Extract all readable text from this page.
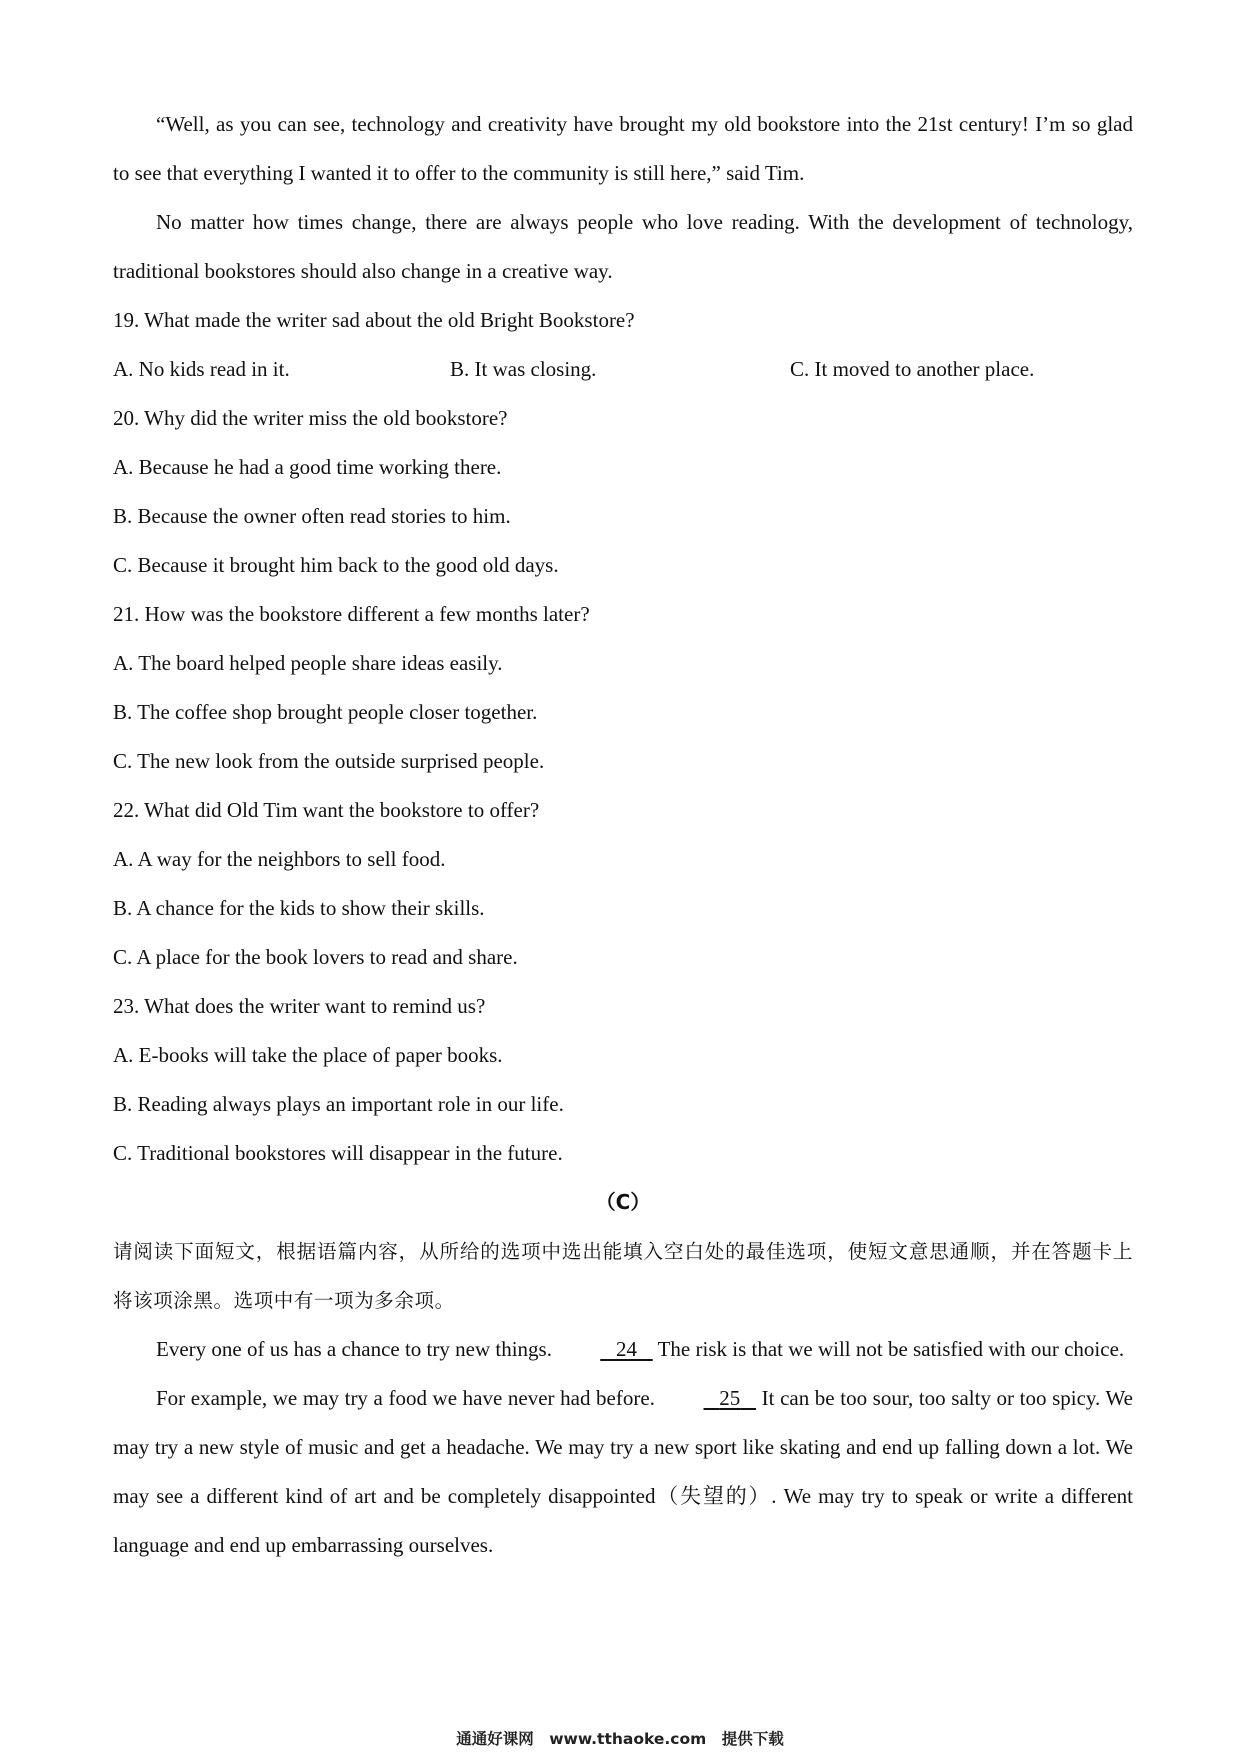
“Well, as you can see, technology and creativity have brought my old bookstore into the 21st century! I’m so glad to see that everything I wanted it to offer to the community is still here,” said Tim.

No matter how times change, there are always people who love reading. With the development of technology, traditional bookstores should also change in a creative way.

19. What made the writer sad about the old Bright Bookstore?

A. No kids read in it.	B. It was closing.	C. It moved to another place.

20. Why did the writer miss the old bookstore?

A. Because he had a good time working there.

B. Because the owner often read stories to him.

C. Because it brought him back to the good old days.

21. How was the bookstore different a few months later?

A. The board helped people share ideas easily.

B. The coffee shop brought people closer together.

C. The new look from the outside surprised people.

22. What did Old Tim want the bookstore to offer?

A. A way for the neighbors to sell food.

B. A chance for the kids to show their skills.

C. A place for the book lovers to read and share.

23. What does the writer want to remind us?

A. E-books will take the place of paper books.

B. Reading always plays an important role in our life.

C. Traditional bookstores will disappear in the future.

（C）

请阅读下面短文，根据语篇内容，从所给的选项中选出能填入空白处的最佳选项，使短文意思通顺，并在答题卡上将该项涂黑。选项中有一项为多余项。

Every one of us has a chance to try new things.	24    The risk is that we will not be satisfied with our choice.

For example, we may try a food we have never had before.	25    It can be too sour, too salty or too spicy. We may try a new style of music and get a headache. We may try a new sport like skating and end up falling down a lot. We may see a different kind of art and be completely disappointed（失望的）. We may try to speak or write a different language and end up embarrassing ourselves.

通通好课网　www.tthaoke.com　提供下载
